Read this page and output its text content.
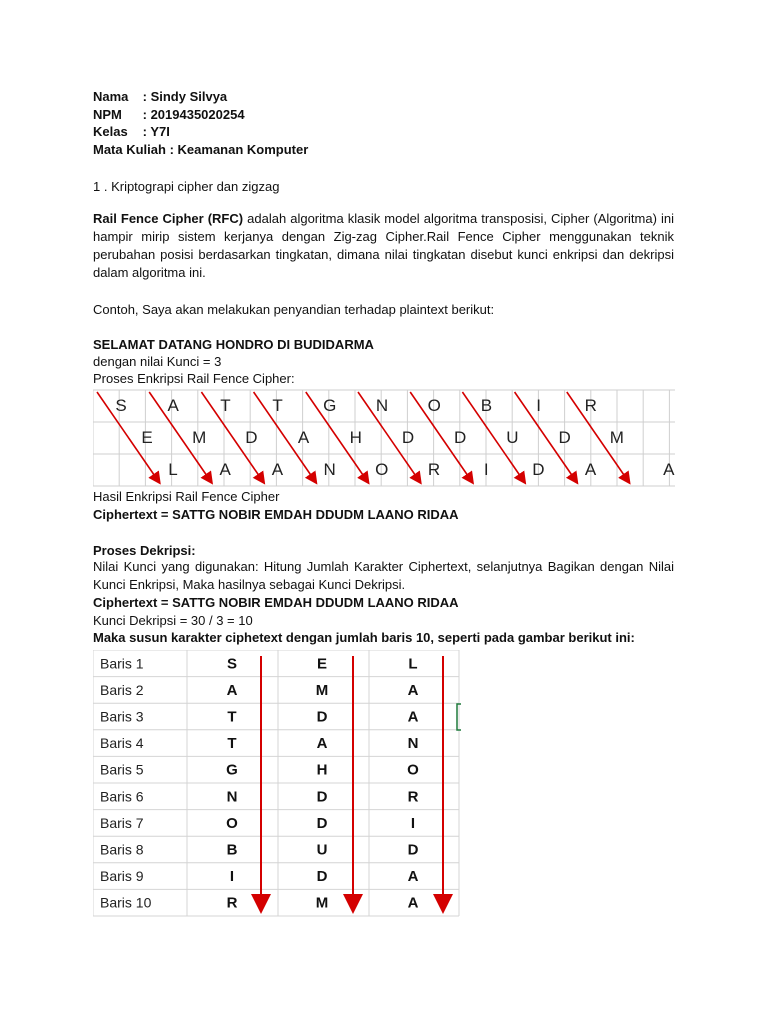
Nama : Sindy Silvya
NPM : 2019435020254
Kelas : Y7I
Mata Kuliah : Keamanan Komputer
1 . Kriptograpi cipher dan zigzag
Rail Fence Cipher (RFC) adalah algoritma klasik model algoritma transposisi, Cipher (Algoritma) ini hampir mirip sistem kerjanya dengan Zig-zag Cipher.Rail Fence Cipher menggunakan teknik perubahan posisi berdasarkan tingkatan, dimana nilai tingkatan disebut kunci enkripsi dan dekripsi dalam algoritma ini.
Contoh, Saya akan melakukan penyandian terhadap plaintext berikut:
SELAMAT DATANG HONDRO DI BUDIDARMA
dengan nilai Kunci = 3
Proses Enkripsi Rail Fence Cipher:
S A T T G N O B	I	R
E M D A H D D U D M
L A A N O R	I	D A	A
Hasil Enkripsi Rail Fence Cipher
Ciphertext = SATTG NOBIR EMDAH DDUDM LAANO RIDAA
Proses Dekripsi:
Nilai Kunci yang digunakan: Hitung Jumlah Karakter Ciphertext, selanjutnya Bagikan dengan Nilai Kunci Enkripsi, Maka hasilnya sebagai Kunci Dekripsi.
Ciphertext = SATTG NOBIR EMDAH DDUDM LAANO RIDAA
Kunci Dekripsi = 30 / 3 = 10
Maka susun karakter ciphetext dengan jumlah baris 10, seperti pada gambar berikut ini:
Baris 1	S	E	L
Baris 2	A	M	A
Baris 3	T	D	A
Baris 4	T	A	N
Baris 5	G	H	O
Baris 6	N	D	R
Baris 7	O	D	I
Baris 8	B	U	D
Baris 9	I	D	A
Baris 10	R	M	A
